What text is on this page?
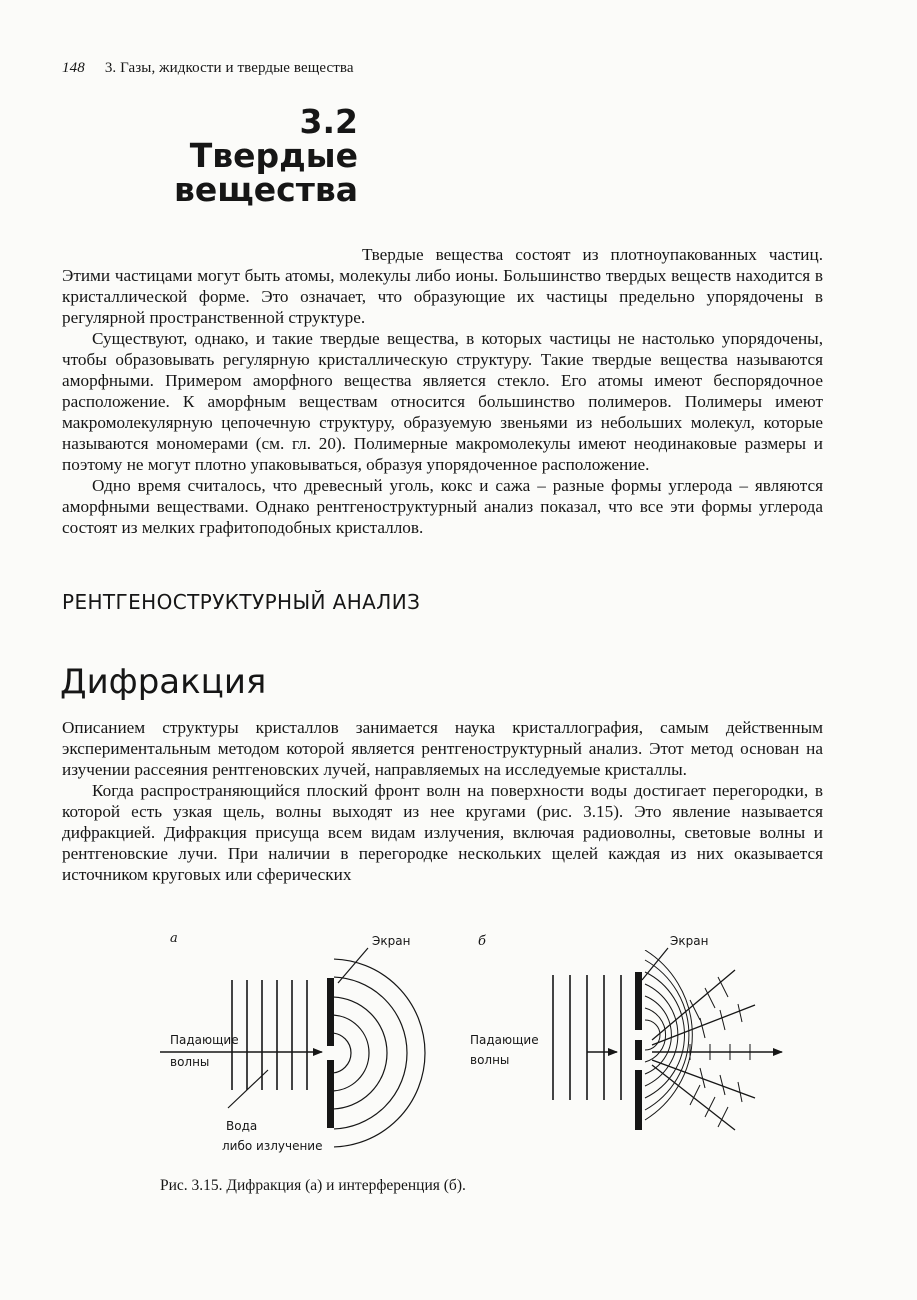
148 3. Газы, жидкости и твердые вещества
3.2
Твердые
вещества

Твердые вещества состоят из плотноупакованных частиц. Этими частицами могут быть атомы, молекулы либо ионы. Большинство твердых веществ находится в кристаллической форме. Это означает, что образующие их частицы предельно упорядочены в регулярной пространственной структуре.

Существуют, однако, и такие твердые вещества, в которых частицы не настолько упорядочены, чтобы образовывать регулярную кристаллическую структуру. Такие твердые вещества называются аморфными. Примером аморфного вещества является стекло. Его атомы имеют беспорядочное расположение. К аморфным веществам относится большинство полимеров. Полимеры имеют макромолекулярную цепочечную структуру, образуемую звеньями из небольших молекул, которые называются мономерами (см. гл. 20). Полимерные макромолекулы имеют неодинаковые размеры и поэтому не могут плотно упаковываться, образуя упорядоченное расположение.

Одно время считалось, что древесный уголь, кокс и сажа – разные формы углерода – являются аморфными веществами. Однако рентгеноструктурный анализ показал, что все эти формы углерода состоят из мелких графитоподобных кристаллов.

РЕНТГЕНОСТРУКТУРНЫЙ АНАЛИЗ
Дифракция

Описанием структуры кристаллов занимается наука кристаллография, самым действенным экспериментальным методом которой является рентгеноструктурный анализ. Этот метод основан на изучении рассеяния рентгеновских лучей, направляемых на исследуемые кристаллы.

Когда распространяющийся плоский фронт волн на поверхности воды достигает перегородки, в которой есть узкая щель, волны выходят из нее кругами (рис. 3.15). Это явление называется дифракцией. Дифракция присуща всем видам излучения, включая радиоволны, световые волны и рентгеновские лучи. При наличии в перегородке нескольких щелей каждая из них оказывается источником круговых или сферических

а	Экран
Падающие
волны
Вода
либо излучение
б	Экран
Падающие
волны
Рис. 3.15. Дифракция (а) и интерференция (б).
